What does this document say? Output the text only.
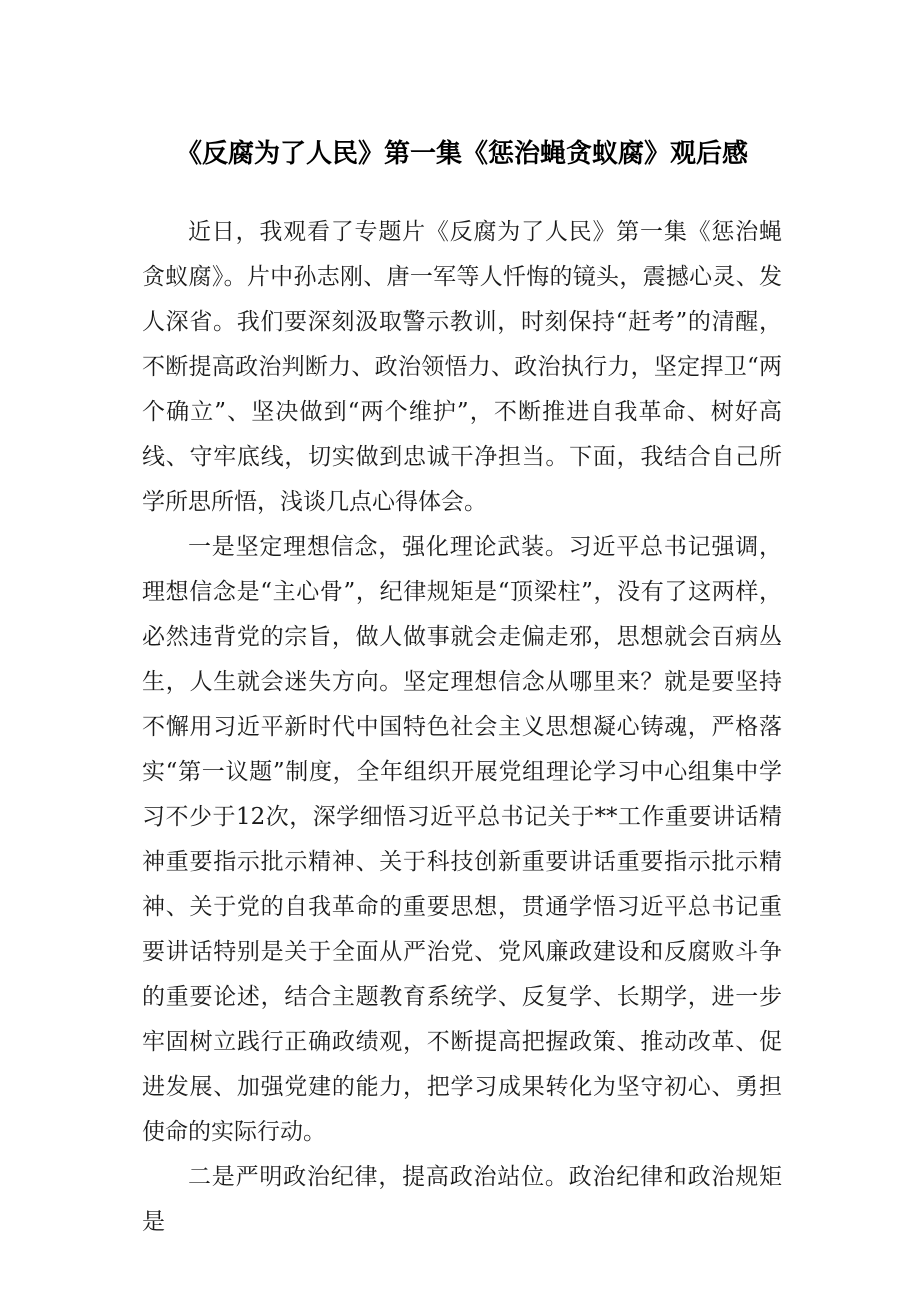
《反腐为了人民》第一集《惩治蝇贪蚁腐》观后感

近日，我观看了专题片《反腐为了人民》第一集《惩治蝇贪蚁腐》。片中孙志刚、唐一军等人忏悔的镜头，震撼心灵、发人深省。我们要深刻汲取警示教训，时刻保持“赶考”的清醒，不断提高政治判断力、政治领悟力、政治执行力，坚定捍卫“两个确立”、坚决做到“两个维护”，不断推进自我革命、树好高线、守牢底线，切实做到忠诚干净担当。下面，我结合自己所学所思所悟，浅谈几点心得体会。

一是坚定理想信念，强化理论武装。习近平总书记强调，理想信念是“主心骨”，纪律规矩是“顶梁柱”，没有了这两样，必然违背党的宗旨，做人做事就会走偏走邪，思想就会百病丛生，人生就会迷失方向。坚定理想信念从哪里来？就是要坚持不懈用习近平新时代中国特色社会主义思想凝心铸魂，严格落实“第一议题”制度，全年组织开展党组理论学习中心组集中学习不少于12次，深学细悟习近平总书记关于**工作重要讲话精神重要指示批示精神、关于科技创新重要讲话重要指示批示精神、关于党的自我革命的重要思想，贯通学悟习近平总书记重要讲话特别是关于全面从严治党、党风廉政建设和反腐败斗争的重要论述，结合主题教育系统学、反复学、长期学，进一步牢固树立践行正确政绩观，不断提高把握政策、推动改革、促进发展、加强党建的能力，把学习成果转化为坚守初心、勇担使命的实际行动。

二是严明政治纪律，提高政治站位。政治纪律和政治规矩是
